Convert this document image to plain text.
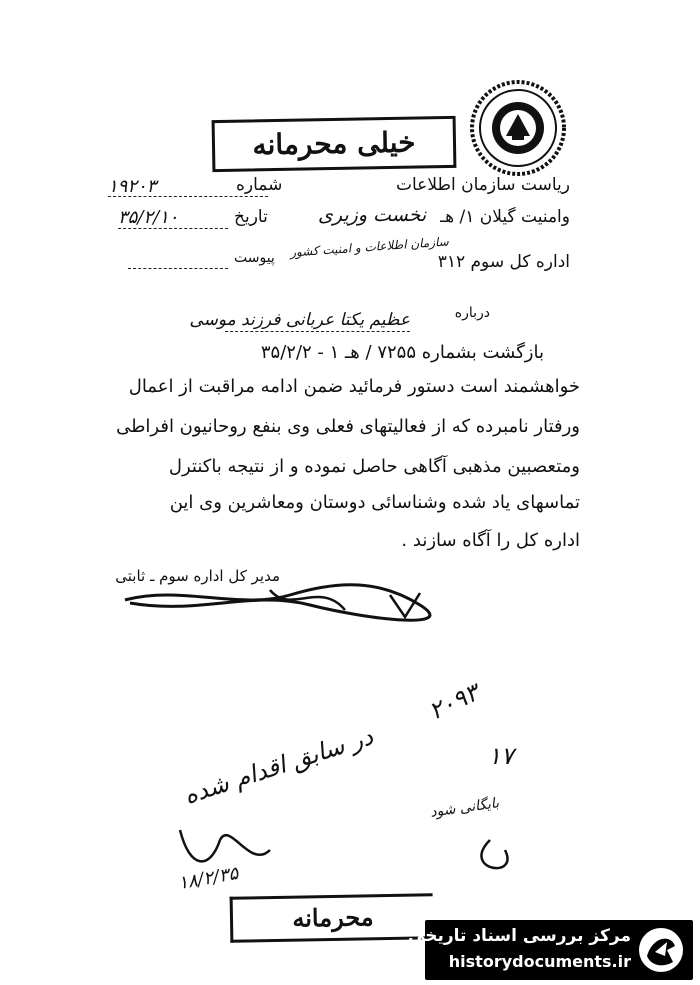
خیلی محرمانه
ریاست سازمان اطلاعات
شماره
۱۹۲۰۳
وامنیت گیلان ۱/ هـ
نخست وزیری
تاریخ
۳۵/۲/۱۰
اداره کل سوم ۳۱۲
سازمان اطلاعات و امنیت کشور
پیوست
درباره
عظیم یکتا عربانی فرزند موسی
بازگشت بشماره ۷۲۵۵ / هـ ۱ - ۳۵/۲/۲
خواهشمند است دستور فرمائید ضمن ادامه مراقبت از اعمال
ورفتار نامبرده که از فعالیتهای فعلی وی بنفع روحانیون افراطی
ومتعصبین مذهبی آگاهی حاصل نموده و از نتیجه باکنترل
تماسهای یاد شده وشناسائی دوستان ومعاشرین وی این
اداره کل را آگاه سازند .
مدیر کل اداره سوم ـ ثابتی
۲۰۹۳
۱۷
در سابق اقدام شده	بایگانی شود
۱۸/۲/۳۵
محرمانه
مرکز بررسی اسناد تاریخی
historydocuments.ir
